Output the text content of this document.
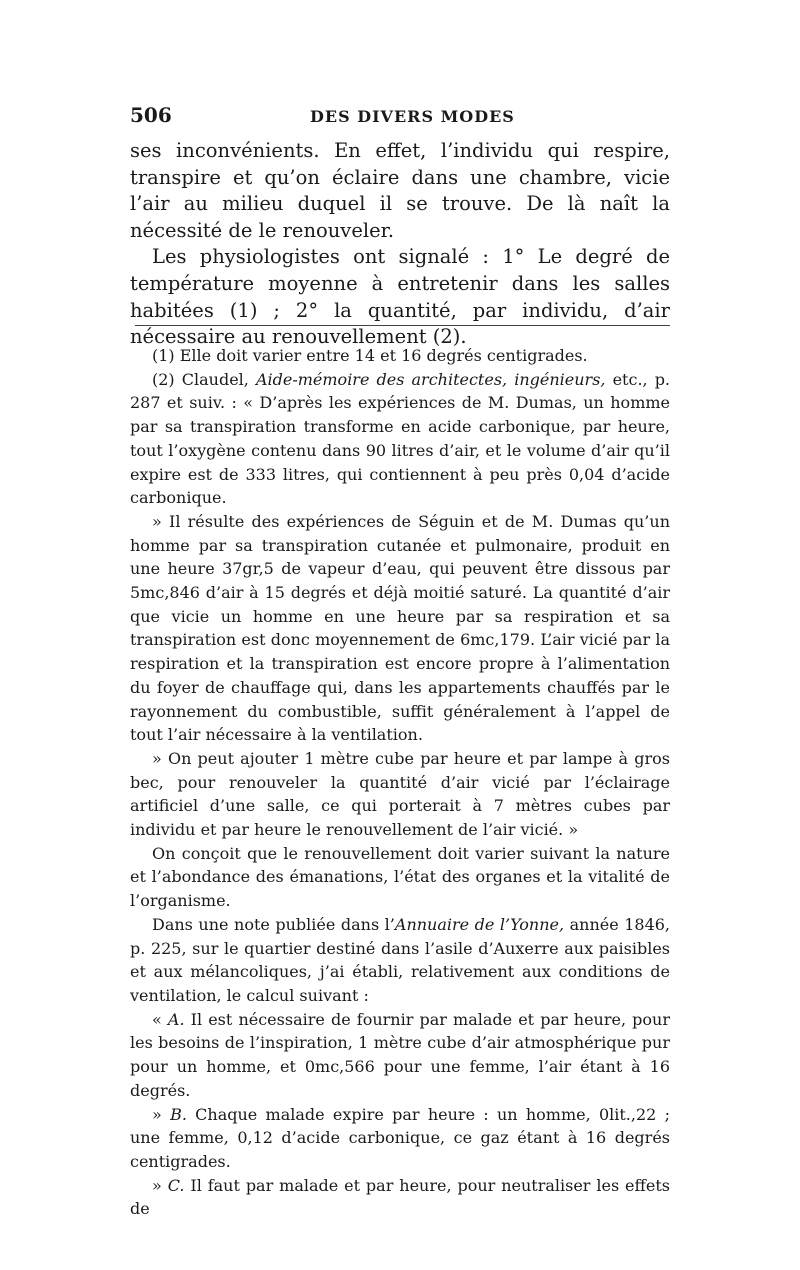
506	DES DIVERS MODES

ses inconvénients. En effet, l’individu qui respire, transpire et qu’on éclaire dans une chambre, vicie l’air au milieu duquel il se trouve. De là naît la nécessité de le renouveler.

Les physiologistes ont signalé : 1° Le degré de température moyenne à entretenir dans les salles habitées (1) ; 2° la quantité, par individu, d’air nécessaire au renouvellement (2).

(1) Elle doit varier entre 14 et 16 degrés centigrades.

(2) Claudel, Aide-mémoire des architectes, ingénieurs, etc., p. 287 et suiv. : « D’après les expériences de M. Dumas, un homme par sa transpiration transforme en acide carbonique, par heure, tout l’oxygène contenu dans 90 litres d’air, et le volume d’air qu’il expire est de 333 litres, qui contiennent à peu près 0,04 d’acide carbonique.

» Il résulte des expériences de Séguin et de M. Dumas qu’un homme par sa transpiration cutanée et pulmonaire, produit en une heure 37gr,5 de vapeur d’eau, qui peuvent être dissous par 5mc,846 d’air à 15 degrés et déjà moitié saturé. La quantité d’air que vicie un homme en une heure par sa respiration et sa transpiration est donc moyennement de 6mc,179. L’air vicié par la respiration et la transpiration est encore propre à l’alimentation du foyer de chauffage qui, dans les appartements chauffés par le rayonnement du combustible, suffit généralement à l’appel de tout l’air nécessaire à la ventilation.

» On peut ajouter 1 mètre cube par heure et par lampe à gros bec, pour renouveler la quantité d’air vicié par l’éclairage artificiel d’une salle, ce qui porterait à 7 mètres cubes par individu et par heure le renouvellement de l’air vicié. »

On conçoit que le renouvellement doit varier suivant la nature et l’abondance des émanations, l’état des organes et la vitalité de l’organisme.

Dans une note publiée dans l’Annuaire de l’Yonne, année 1846, p. 225, sur le quartier destiné dans l’asile d’Auxerre aux paisibles et aux mélancoliques, j’ai établi, relativement aux conditions de ventilation, le calcul suivant :

« A. Il est nécessaire de fournir par malade et par heure, pour les besoins de l’inspiration, 1 mètre cube d’air atmosphérique pur pour un homme, et 0mc,566 pour une femme, l’air étant à 16 degrés.

» B. Chaque malade expire par heure : un homme, 0lit.,22 ; une femme, 0,12 d’acide carbonique, ce gaz étant à 16 degrés centigrades.

» C. Il faut par malade et par heure, pour neutraliser les effets de
